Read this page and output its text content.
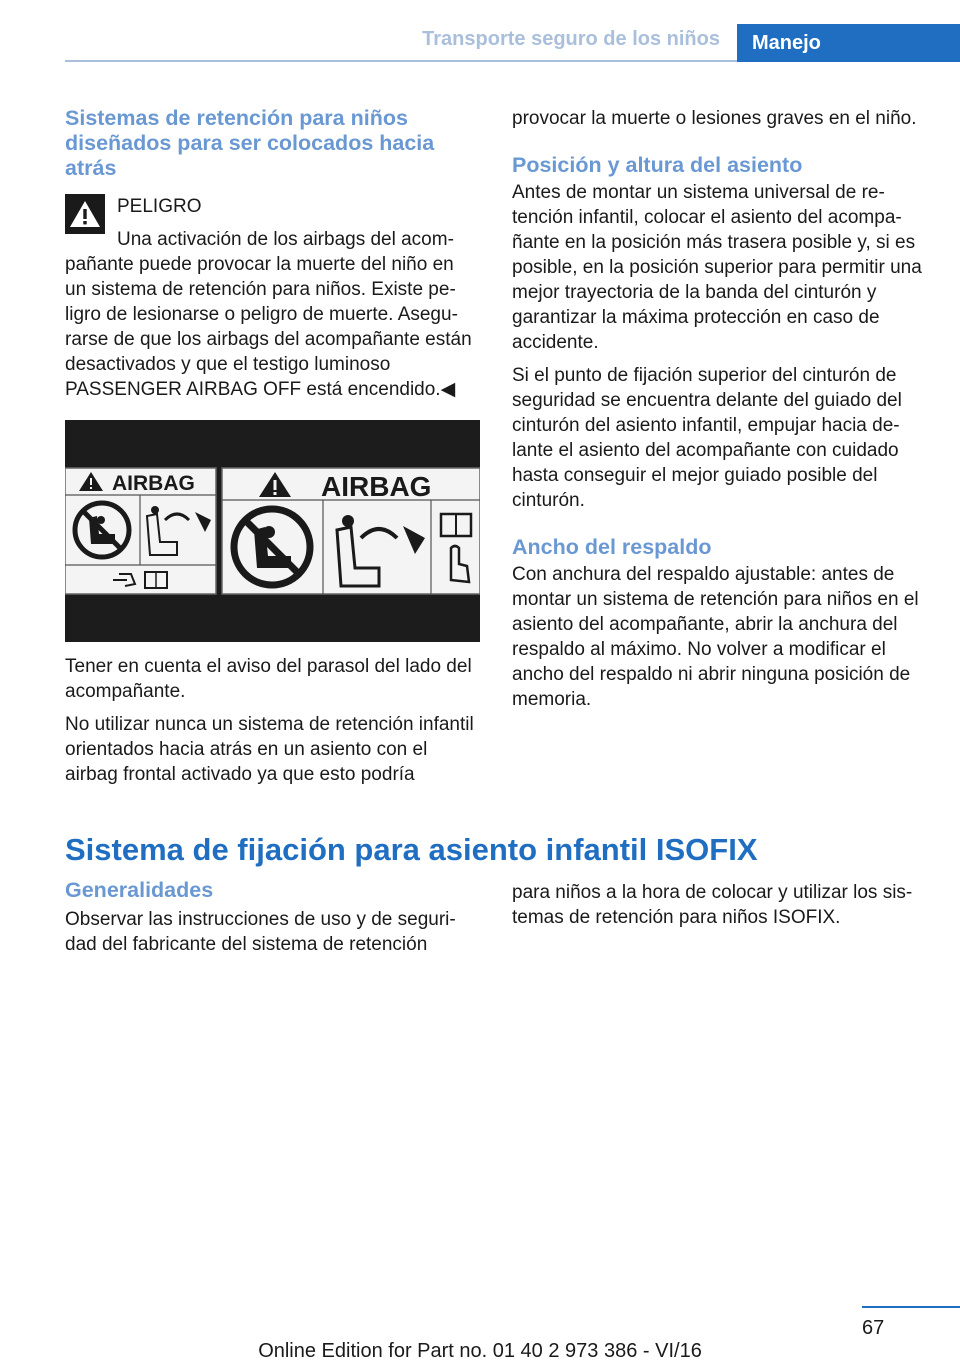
Transporte seguro de los niños	Manejo
Sistemas de retención para niños diseñados para ser colocados hacia atrás

PELIGRO

Una activación de los airbags del acompañante puede provocar la muerte del niño en un sistema de retención para niños. Existe peligro de lesionarse o peligro de muerte. Asegurarse de que los airbags del acompañante están desactivados y que el testigo luminoso PASSENGER AIRBAG OFF está encendido.◀

AIRBAG	AIRBAG

Tener en cuenta el aviso del parasol del lado del acompañante.

No utilizar nunca un sistema de retención infantil orientados hacia atrás en un asiento con el airbag frontal activado ya que esto podría

provocar la muerte o lesiones graves en el niño.

Posición y altura del asiento

Antes de montar un sistema universal de retención infantil, colocar el asiento del acompañante en la posición más trasera posible y, si es posible, en la posición superior para permitir una mejor trayectoria de la banda del cinturón y garantizar la máxima protección en caso de accidente.

Si el punto de fijación superior del cinturón de seguridad se encuentra delante del guiado del cinturón del asiento infantil, empujar hacia delante el asiento del acompañante con cuidado hasta conseguir el mejor guiado posible del cinturón.

Ancho del respaldo

Con anchura del respaldo ajustable: antes de montar un sistema de retención para niños en el asiento del acompañante, abrir la anchura del respaldo al máximo. No volver a modificar el ancho del respaldo ni abrir ninguna posición de memoria.

Sistema de fijación para asiento infantil ISOFIX
Generalidades

Observar las instrucciones de uso y de seguridad del fabricante del sistema de retención

para niños a la hora de colocar y utilizar los sistemas de retención para niños ISOFIX.

67
Online Edition for Part no. 01 40 2 973 386 - VI/16
